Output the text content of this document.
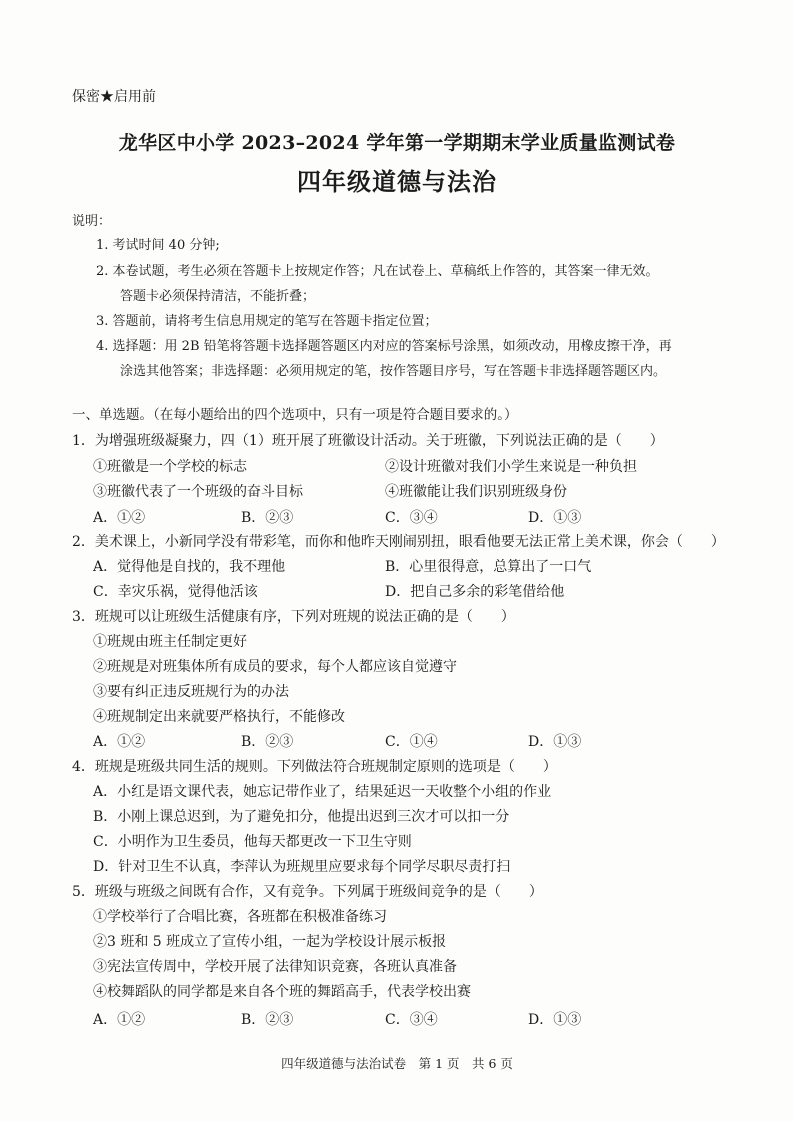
保密★启用前
龙华区中小学 2023–2024 学年第一学期期末学业质量监测试卷
四年级道德与法治
说明：
1. 考试时间 40 分钟;
2. 本卷试题，考生必须在答题卡上按规定作答；凡在试卷上、草稿纸上作答的，其答案一律无效。
答题卡必须保持清洁，不能折叠；
3. 答题前，请将考生信息用规定的笔写在答题卡指定位置；
4. 选择题：用 2B 铅笔将答题卡选择题答题区内对应的答案标号涂黑，如须改动，用橡皮擦干净，再
涂选其他答案；非选择题：必须用规定的笔，按作答题目序号，写在答题卡非选择题答题区内。
一、单选题。（在每小题给出的四个选项中，只有一项是符合题目要求的。）
1．为增强班级凝聚力，四（1）班开展了班徽设计活动。关于班徽，下列说法正确的是（　　）
①班徽是一个学校的标志	②设计班徽对我们小学生来说是一种负担
③班徽代表了一个班级的奋斗目标	④班徽能让我们识别班级身份
A．①②	B．②③	C．③④	D．①③
2．美术课上，小新同学没有带彩笔，而你和他昨天刚闹别扭，眼看他要无法正常上美术课，你会（　　）
A．觉得他是自找的，我不理他	B．心里很得意，总算出了一口气
C．幸灾乐祸，觉得他活该	D．把自己多余的彩笔借给他
3．班规可以让班级生活健康有序，下列对班规的说法正确的是（　　）
①班规由班主任制定更好
②班规是对班集体所有成员的要求，每个人都应该自觉遵守
③要有纠正违反班规行为的办法
④班规制定出来就要严格执行，不能修改
A．①②	B．②③	C．①④	D．①③
4．班规是班级共同生活的规则。下列做法符合班规制定原则的选项是（　　）
A．小红是语文课代表，她忘记带作业了，结果延迟一天收整个小组的作业
B．小刚上课总迟到，为了避免扣分，他提出迟到三次才可以扣一分
C．小明作为卫生委员，他每天都更改一下卫生守则
D．针对卫生不认真，李萍认为班规里应要求每个同学尽职尽责打扫
5．班级与班级之间既有合作，又有竞争。下列属于班级间竞争的是（　　）
①学校举行了合唱比赛，各班都在积极准备练习
②3 班和 5 班成立了宣传小组，一起为学校设计展示板报
③宪法宣传周中，学校开展了法律知识竞赛，各班认真准备
④校舞蹈队的同学都是来自各个班的舞蹈高手，代表学校出赛
A．①②	B．②③	C．③④	D．①③
四年级道德与法治试卷　第 1 页　共 6 页
